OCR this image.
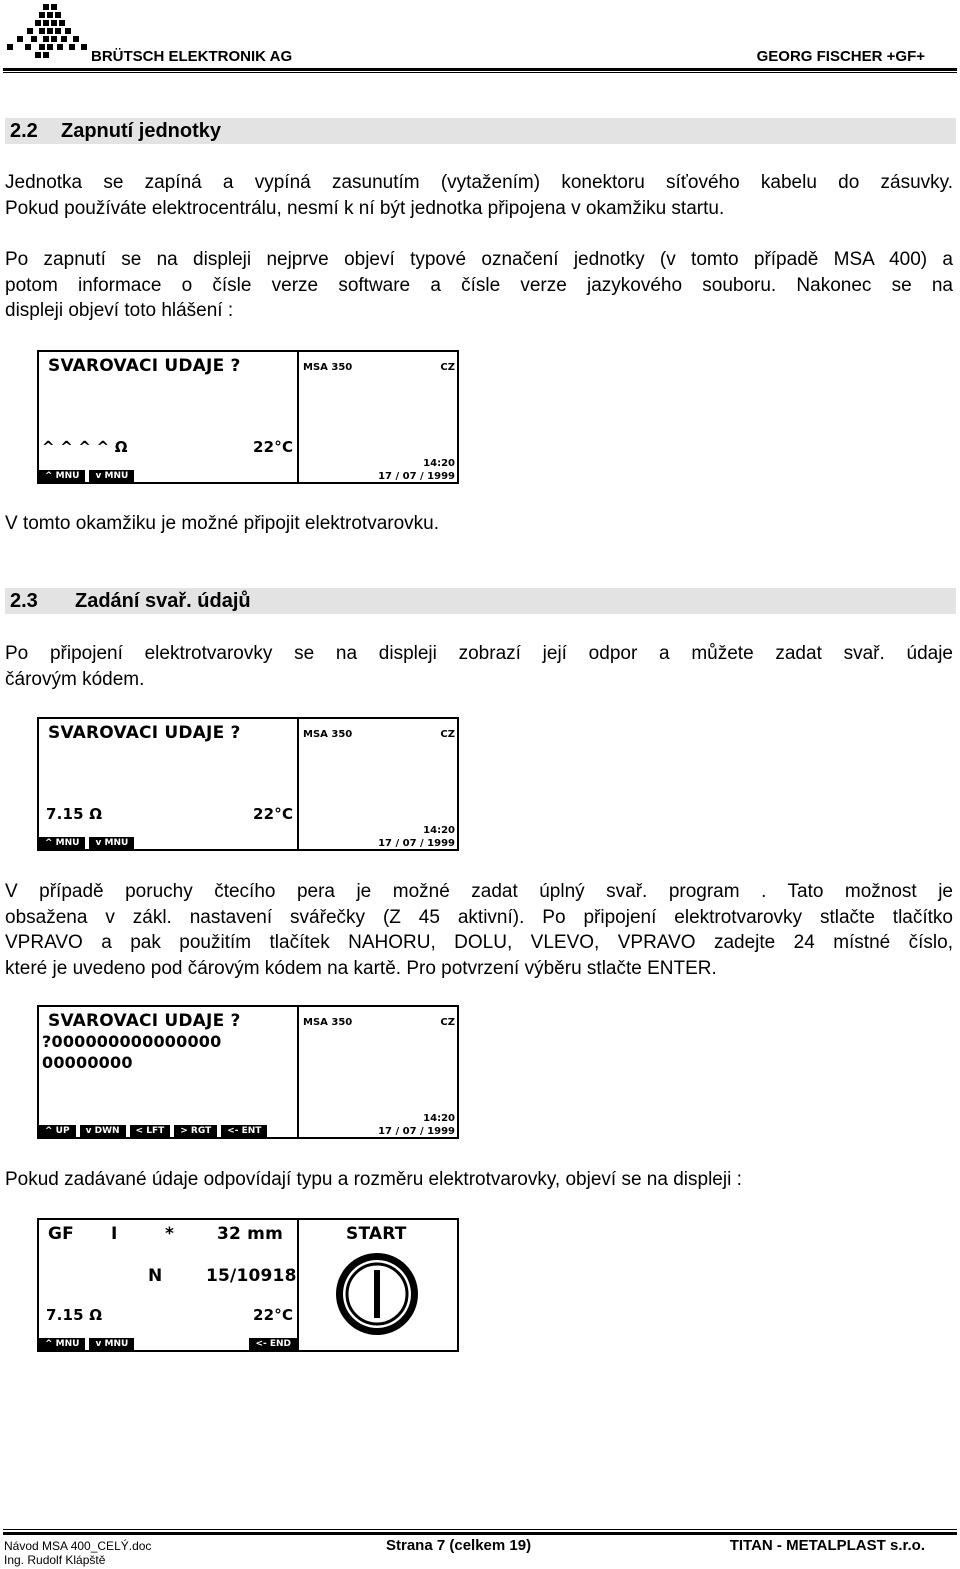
BRÜTSCH ELEKTRONIK AG	GEORG FISCHER +GF+
2.2 Zapnutí jednotky
Jednotka se zapíná a vypíná zasunutím (vytažením) konektoru síťového kabelu do zásuvky.
Pokud používáte elektrocentrálu, nesmí k ní být jednotka připojena v okamžiku startu.
Po zapnutí se na displeji nejprve objeví typové označení jednotky (v tomto případě MSA 400) a
potom informace o čísle verze software a čísle verze jazykového souboru. Nakonec se na
displeji objeví toto hlášení :
SVAROVACI UDAJE ?
^ ^ ^ ^ Ω	22°C
^ MNU	v MNU
MSA 350	CZ
14:20
17 / 07 / 1999
V tomto okamžiku je možné připojit elektrotvarovku.
2.3 Zadání svař. údajů
Po připojení elektrotvarovky se na displeji zobrazí její odpor a můžete zadat svař. údaje
čárovým kódem.
SVAROVACI UDAJE ?
7.15 Ω	22°C
^ MNU	v MNU
MSA 350	CZ
14:20
17 / 07 / 1999
V případě poruchy čtecího pera je možné zadat úplný svař. program . Tato možnost je
obsažena v zákl. nastavení svářečky (Z 45 aktivní). Po připojení elektrotvarovky stlačte tlačítko
VPRAVO a pak použitím tlačítek NAHORU, DOLU, VLEVO, VPRAVO zadejte 24 místné číslo,
které je uvedeno pod čárovým kódem na kartě. Pro potvrzení výběru stlačte ENTER.
SVAROVACI UDAJE ?
?000000000000000
00000000
^ UP	v DWN	< LFT	> RGT	<- ENT
MSA 350	CZ
14:20
17 / 07 / 1999
Pokud zadávané údaje odpovídají typu a rozměru elektrotvarovky, objeví se na displeji :
GF I	*	32 mm
N	15/10918
7.15 Ω	22°C
^ MNU	v MNU	<- END
START
Návod MSA 400_CELÝ.doc
Ing. Rudolf Klápště
Strana 7 (celkem 19)	TITAN - METALPLAST s.r.o.
